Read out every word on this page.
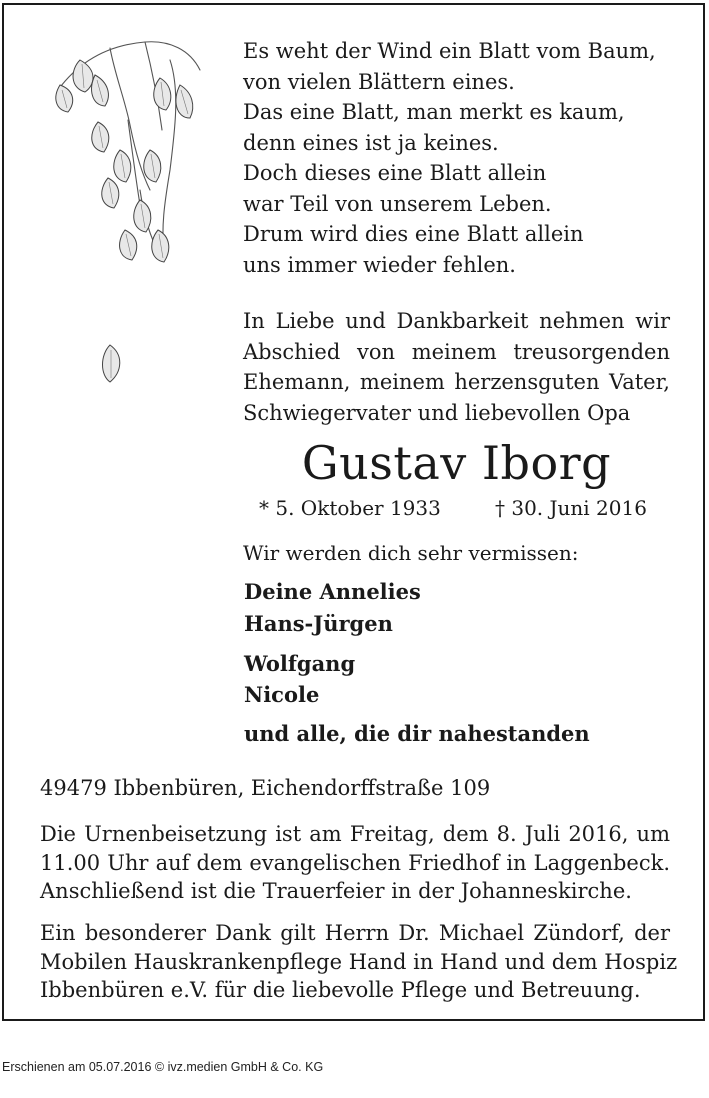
Es weht der Wind ein Blatt vom Baum,
von vielen Blättern eines.
Das eine Blatt, man merkt es kaum,
denn eines ist ja keines.
Doch dieses eine Blatt allein
war Teil von unserem Leben.
Drum wird dies eine Blatt allein
uns immer wieder fehlen.
In Liebe und Dankbarkeit nehmen wir
Abschied von meinem treusorgenden
Ehemann, meinem herzensguten Vater,
Schwiegervater und liebevollen Opa
Gustav Iborg
* 5. Oktober 1933	† 30. Juni 2016
Wir werden dich sehr vermissen:
Deine Annelies
Hans-Jürgen
Wolfgang
Nicole
und alle, die dir nahestanden
49479 Ibbenbüren, Eichendorffstraße 109
Die Urnenbeisetzung ist am Freitag, dem 8. Juli 2016, um
11.00 Uhr auf dem evangelischen Friedhof in Laggenbeck.
Anschließend ist die Trauerfeier in der Johanneskirche.
Ein besonderer Dank gilt Herrn Dr. Michael Zündorf, der
Mobilen Hauskrankenpflege Hand in Hand und dem Hospiz
Ibbenbüren e.V. für die liebevolle Pflege und Betreuung.
Erschienen am 05.07.2016 © ivz.medien GmbH & Co. KG
